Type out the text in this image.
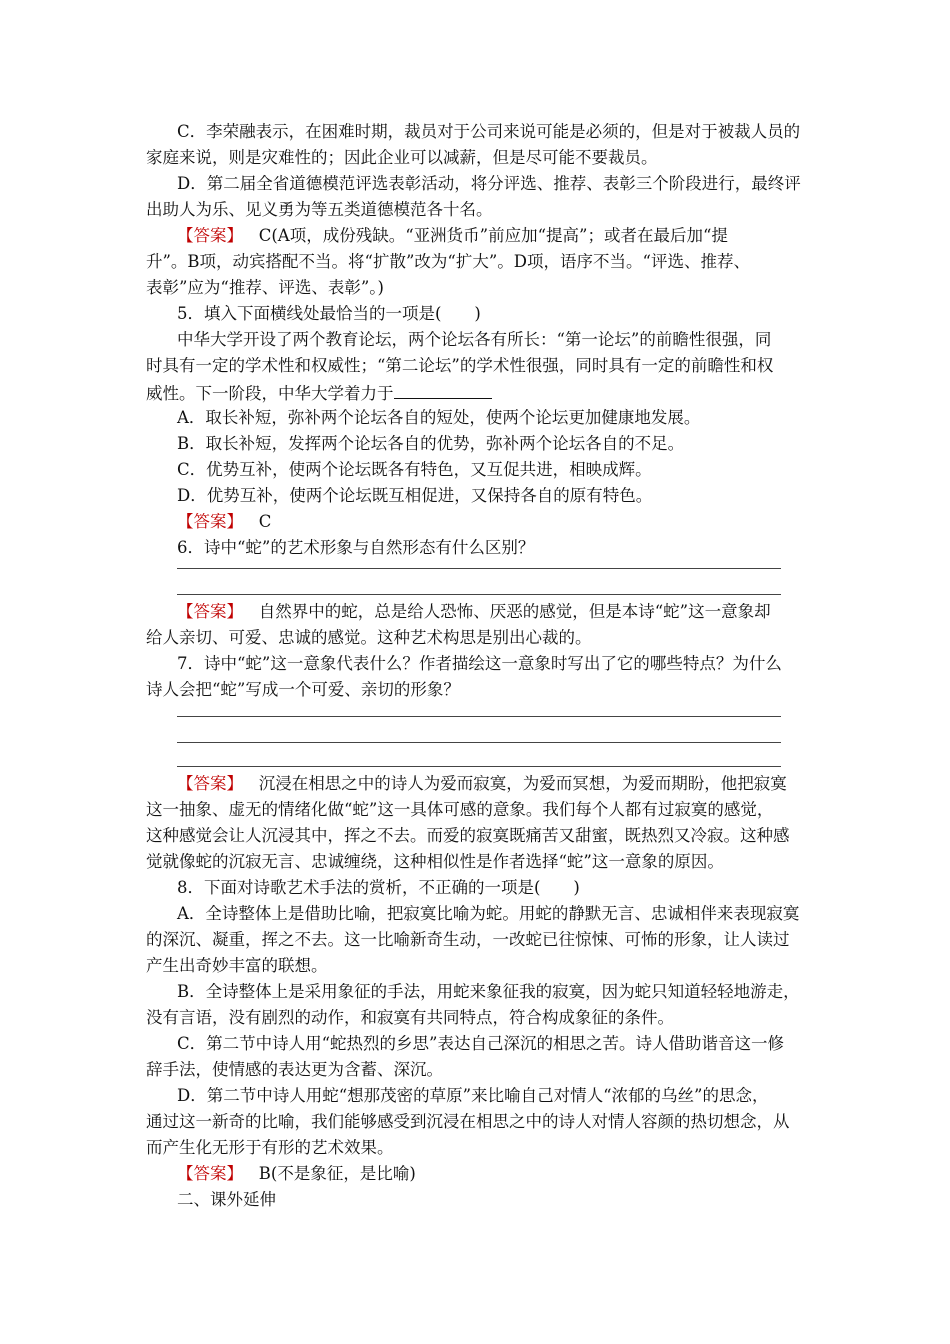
C．李荣融表示，在困难时期，裁员对于公司来说可能是必须的，但是对于被裁人员的
家庭来说，则是灾难性的；因此企业可以减薪，但是尽可能不要裁员。
D．第二届全省道德模范评选表彰活动，将分评选、推荐、表彰三个阶段进行，最终评
出助人为乐、见义勇为等五类道德模范各十名。
【答案】 C(A项，成份残缺。“亚洲货币”前应加“提高”；或者在最后加“提
升”。B项，动宾搭配不当。将“扩散”改为“扩大”。D项，语序不当。“评选、推荐、
表彰”应为“推荐、评选、表彰”。)
5．填入下面横线处最恰当的一项是(　　)
中华大学开设了两个教育论坛，两个论坛各有所长：“第一论坛”的前瞻性很强，同
时具有一定的学术性和权威性；“第二论坛”的学术性很强，同时具有一定的前瞻性和权
威性。下一阶段，中华大学着力于
A．取长补短，弥补两个论坛各自的短处，使两个论坛更加健康地发展。
B．取长补短，发挥两个论坛各自的优势，弥补两个论坛各自的不足。
C．优势互补，使两个论坛既各有特色，又互促共进，相映成辉。
D．优势互补，使两个论坛既互相促进，又保持各自的原有特色。
【答案】 C
6．诗中“蛇”的艺术形象与自然形态有什么区别？
【答案】 自然界中的蛇，总是给人恐怖、厌恶的感觉，但是本诗“蛇”这一意象却
给人亲切、可爱、忠诚的感觉。这种艺术构思是别出心裁的。
7．诗中“蛇”这一意象代表什么？作者描绘这一意象时写出了它的哪些特点？为什么
诗人会把“蛇”写成一个可爱、亲切的形象？
【答案】 沉浸在相思之中的诗人为爱而寂寞，为爱而冥想，为爱而期盼，他把寂寞
这一抽象、虚无的情绪化做“蛇”这一具体可感的意象。我们每个人都有过寂寞的感觉，
这种感觉会让人沉浸其中，挥之不去。而爱的寂寞既痛苦又甜蜜，既热烈又冷寂。这种感
觉就像蛇的沉寂无言、忠诚缠绕，这种相似性是作者选择“蛇”这一意象的原因。
8．下面对诗歌艺术手法的赏析，不正确的一项是(　　)
A．全诗整体上是借助比喻，把寂寞比喻为蛇。用蛇的静默无言、忠诚相伴来表现寂寞
的深沉、凝重，挥之不去。这一比喻新奇生动，一改蛇已往惊悚、可怖的形象，让人读过
产生出奇妙丰富的联想。
B．全诗整体上是采用象征的手法，用蛇来象征我的寂寞，因为蛇只知道轻轻地游走，
没有言语，没有剧烈的动作，和寂寞有共同特点，符合构成象征的条件。
C．第二节中诗人用“蛇热烈的乡思”表达自己深沉的相思之苦。诗人借助谐音这一修
辞手法，使情感的表达更为含蓄、深沉。
D．第二节中诗人用蛇“想那茂密的草原”来比喻自己对情人“浓郁的乌丝”的思念，
通过这一新奇的比喻，我们能够感受到沉浸在相思之中的诗人对情人容颜的热切想念，从
而产生化无形于有形的艺术效果。
【答案】 B(不是象征，是比喻)
二、课外延伸
